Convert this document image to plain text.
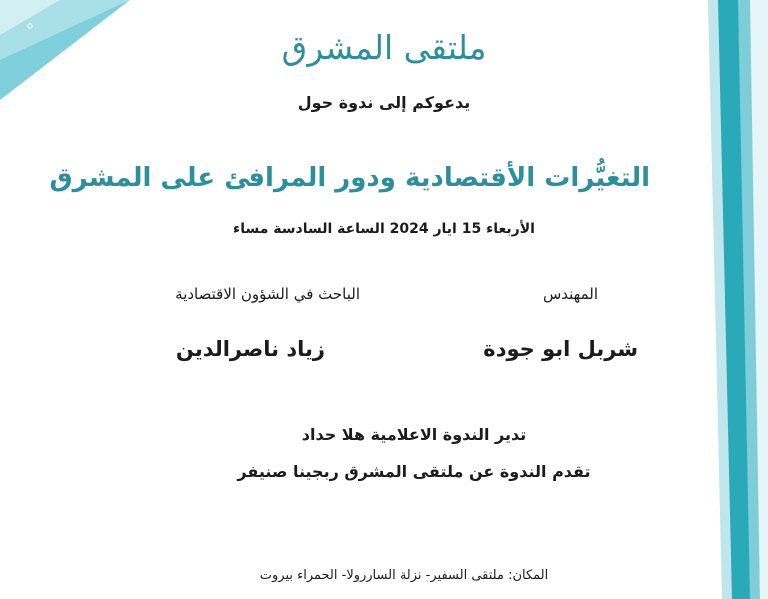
ملتقى المشرق
يدعوكم إلى ندوة حول
التغيُّرات الأقتصادية ودور المرافئ على المشرق
الأربعاء 15 ايار 2024 الساعة السادسة مساء
المهندس
الباحث في الشؤون الاقتصادية
شربل ابو جودة
زياد ناصرالدين
تدير الندوة الاعلامية هلا حداد
تقدم الندوة عن ملتقى المشرق ربجينا صنيفر
المكان: ملتقى السفير- نزلة الساررولا- الحمراء بيروت
